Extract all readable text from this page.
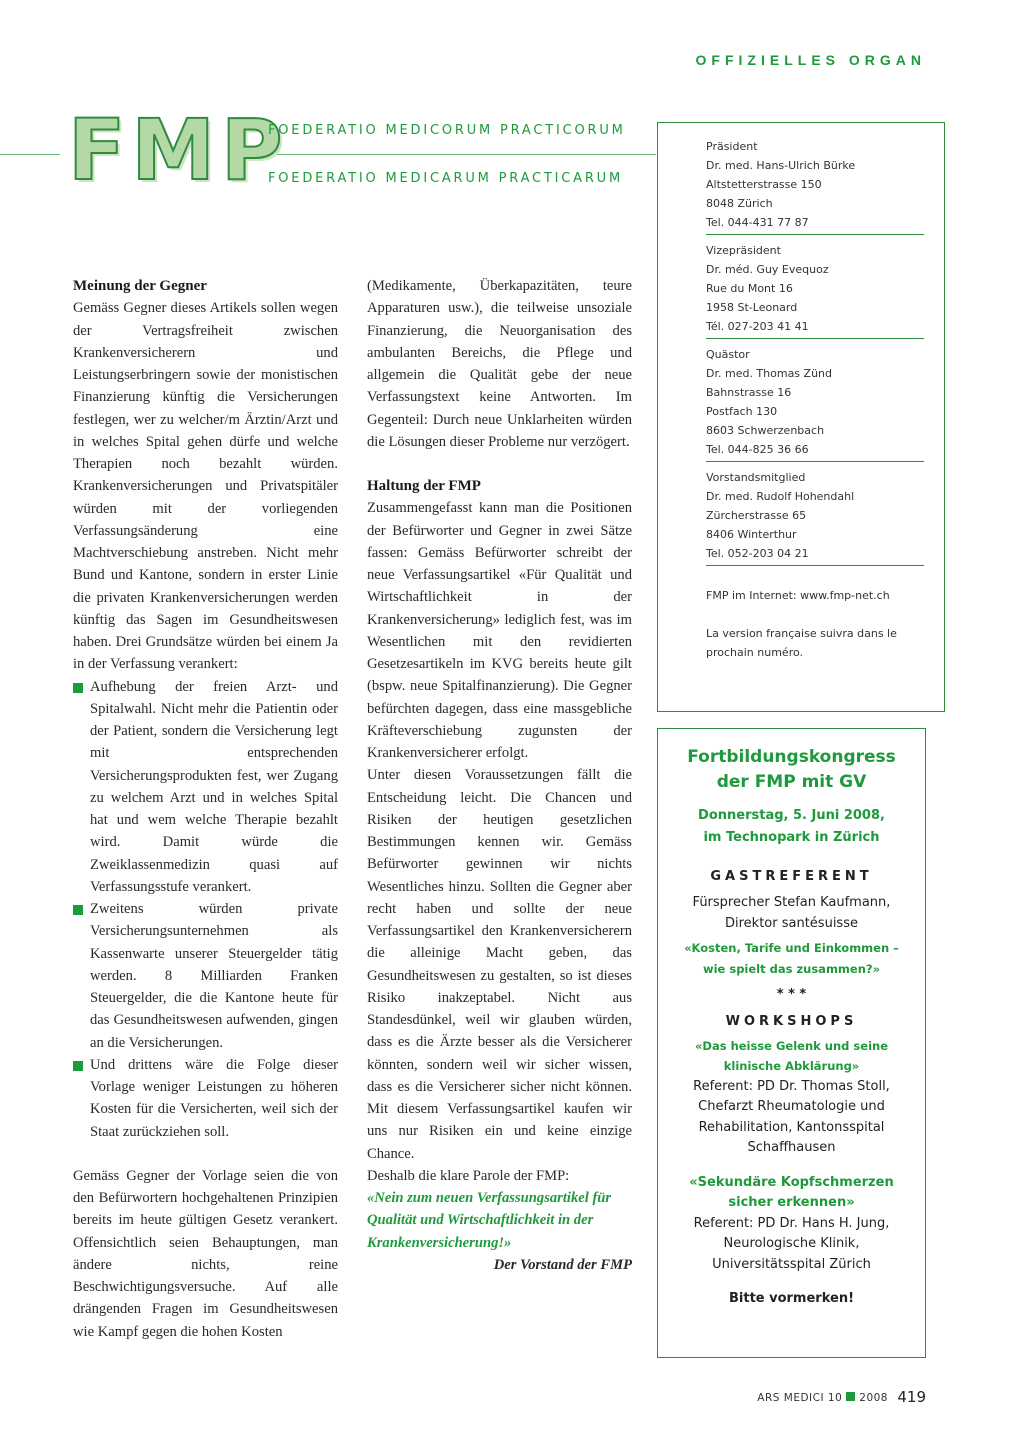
OFFIZIELLES ORGAN
FMP
FOEDERATIO MEDICORUM PRACTICORUM
FOEDERATIO MEDICARUM PRACTICARUM

Meinung der Gegner

Gemäss Gegner dieses Artikels sollen wegen der Vertragsfreiheit zwischen Krankenversicherern und Leistungserbringern sowie der monistischen Finanzierung künftig die Versicherungen festlegen, wer zu welcher/m Ärztin/Arzt und in welches Spital gehen dürfe und welche Therapien noch bezahlt würden. Krankenversicherungen und Privatspitäler würden mit der vorliegenden Verfassungsänderung eine Machtverschiebung anstreben. Nicht mehr Bund und Kantone, sondern in erster Linie die privaten Krankenversicherungen werden künftig das Sagen im Gesundheitswesen haben. Drei Grundsätze würden bei einem Ja in der Verfassung verankert:

Aufhebung der freien Arzt- und Spitalwahl. Nicht mehr die Patientin oder der Patient, sondern die Versicherung legt mit entsprechenden Versicherungsprodukten fest, wer Zugang zu welchem Arzt und in welches Spital hat und wem welche Therapie bezahlt wird. Damit würde die Zweiklassenmedizin quasi auf Verfassungsstufe verankert.

Zweitens würden private Versicherungsunternehmen als Kassenwarte unserer Steuergelder tätig werden. 8 Milliarden Franken Steuergelder, die die Kantone heute für das Gesundheitswesen aufwenden, gingen an die Versicherungen.

Und drittens wäre die Folge dieser Vorlage weniger Leistungen zu höheren Kosten für die Versicherten, weil sich der Staat zurückziehen soll.

Gemäss Gegner der Vorlage seien die von den Befürwortern hochgehaltenen Prinzipien bereits im heute gültigen Gesetz verankert. Offensichtlich seien Behauptungen, man ändere nichts, reine Beschwichtigungsversuche. Auf alle drängenden Fragen im Gesundheitswesen wie Kampf gegen die hohen Kosten

(Medikamente, Überkapazitäten, teure Apparaturen usw.), die teilweise unsoziale Finanzierung, die Neuorganisation des ambulanten Bereichs, die Pflege und allgemein die Qualität gebe der neue Verfassungstext keine Antworten. Im Gegenteil: Durch neue Unklarheiten würden die Lösungen dieser Probleme nur verzögert.

Haltung der FMP

Zusammengefasst kann man die Positionen der Befürworter und Gegner in zwei Sätze fassen: Gemäss Befürworter schreibt der neue Verfassungsartikel «Für Qualität und Wirtschaftlichkeit in der Krankenversicherung» lediglich fest, was im Wesentlichen mit den revidierten Gesetzesartikeln im KVG bereits heute gilt (bspw. neue Spitalfinanzierung). Die Gegner befürchten dagegen, dass eine massgebliche Kräfteverschiebung zugunsten der Krankenversicherer erfolgt.

Unter diesen Voraussetzungen fällt die Entscheidung leicht. Die Chancen und Risiken der heutigen gesetzlichen Bestimmungen kennen wir. Gemäss Befürworter gewinnen wir nichts Wesentliches hinzu. Sollten die Gegner aber recht haben und sollte der neue Verfassungsartikel den Krankenversicherern die alleinige Macht geben, das Gesundheitswesen zu gestalten, so ist dieses Risiko inakzeptabel. Nicht aus Standesdünkel, weil wir glauben würden, dass es die Ärzte besser als die Versicherer könnten, sondern weil wir sicher wissen, dass es die Versicherer sicher nicht können. Mit diesem Verfassungsartikel kaufen wir uns nur Risiken ein und keine einzige Chance.

Deshalb die klare Parole der FMP:

«Nein zum neuen Verfassungsartikel für Qualität und Wirtschaftlichkeit in der Krankenversicherung!»

Der Vorstand der FMP

Präsident
Dr. med. Hans-Ulrich Bürke
Altstetterstrasse 150
8048 Zürich
Tel. 044-431 77 87
Vizepräsident
Dr. méd. Guy Evequoz
Rue du Mont 16
1958 St-Leonard
Tél. 027-203 41 41
Quästor
Dr. med. Thomas Zünd
Bahnstrasse 16
Postfach 130
8603 Schwerzenbach
Tel. 044-825 36 66
Vorstandsmitglied
Dr. med. Rudolf Hohendahl
Zürcherstrasse 65
8406 Winterthur
Tel. 052-203 04 21
FMP im Internet: www.fmp-net.ch
La version française suivra dans le
prochain numéro.
Fortbildungskongress
der FMP mit GV
Donnerstag, 5. Juni 2008,
im Technopark in Zürich
GASTREFERENT
Fürsprecher Stefan Kaufmann,
Direktor santésuisse
«Kosten, Tarife und Einkommen –
wie spielt das zusammen?»
* * *
WORKSHOPS
«Das heisse Gelenk und seine
klinische Abklärung»
Referent: PD Dr. Thomas Stoll,
Chefarzt Rheumatologie und
Rehabilitation, Kantonsspital
Schaffhausen
«Sekundäre Kopfschmerzen
sicher erkennen»
Referent: PD Dr. Hans H. Jung,
Neurologische Klinik,
Universitätsspital Zürich
Bitte vormerken!
ARS MEDICI 10 2008 419
